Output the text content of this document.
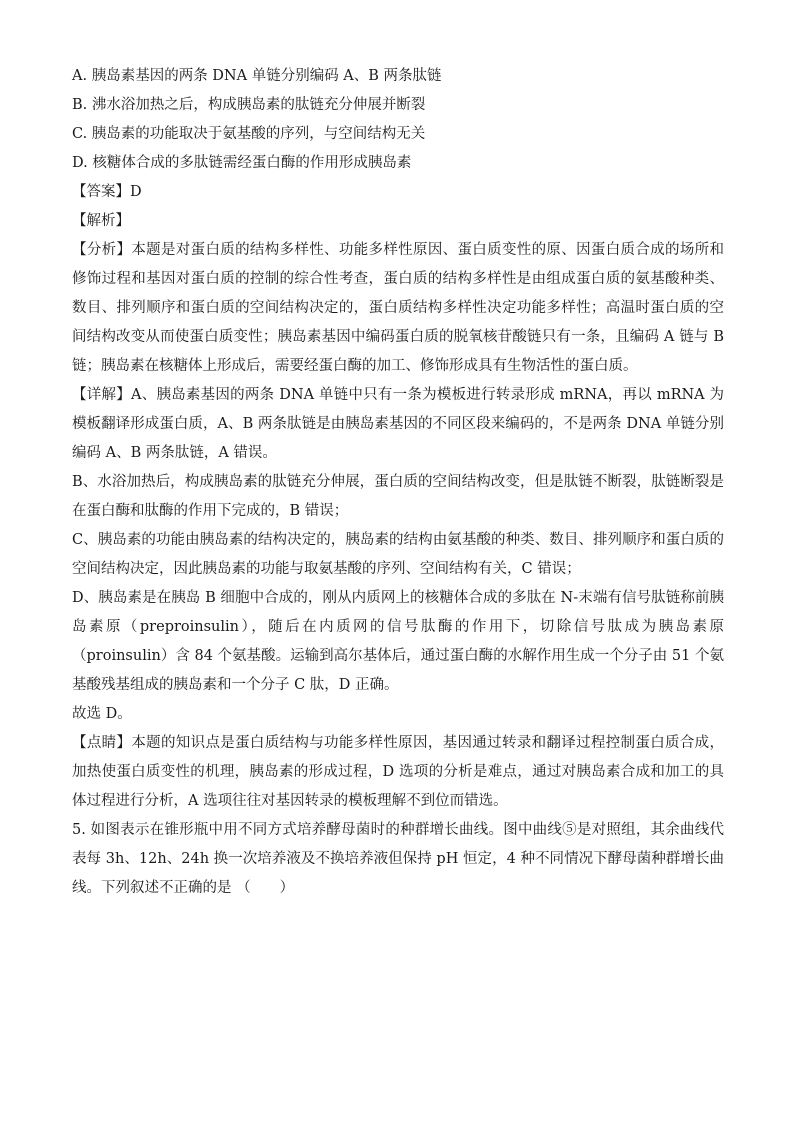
A. 胰岛素基因的两条 DNA 单链分别编码 A、B 两条肽链

B. 沸水浴加热之后，构成胰岛素的肽链充分伸展并断裂

C. 胰岛素的功能取决于氨基酸的序列，与空间结构无关

D. 核糖体合成的多肽链需经蛋白酶的作用形成胰岛素

【答案】D

【解析】

【分析】本题是对蛋白质的结构多样性、功能多样性原因、蛋白质变性的原、因蛋白质合成的场所和修饰过程和基因对蛋白质的控制的综合性考查，蛋白质的结构多样性是由组成蛋白质的氨基酸种类、数目、排列顺序和蛋白质的空间结构决定的，蛋白质结构多样性决定功能多样性；高温时蛋白质的空间结构改变从而使蛋白质变性；胰岛素基因中编码蛋白质的脱氧核苷酸链只有一条，且编码 A 链与 B 链；胰岛素在核糖体上形成后，需要经蛋白酶的加工、修饰形成具有生物活性的蛋白质。

【详解】A、胰岛素基因的两条 DNA 单链中只有一条为模板进行转录形成 mRNA，再以 mRNA 为模板翻译形成蛋白质，A、B 两条肽链是由胰岛素基因的不同区段来编码的，不是两条 DNA 单链分别编码 A、B 两条肽链，A 错误。

B、水浴加热后，构成胰岛素的肽链充分伸展，蛋白质的空间结构改变，但是肽链不断裂，肽链断裂是在蛋白酶和肽酶的作用下完成的，B 错误；

C、胰岛素的功能由胰岛素的结构决定的，胰岛素的结构由氨基酸的种类、数目、排列顺序和蛋白质的空间结构决定，因此胰岛素的功能与取氨基酸的序列、空间结构有关，C 错误；

D、胰岛素是在胰岛 B 细胞中合成的，刚从内质网上的核糖体合成的多肽在 N-末端有信号肽链称前胰岛素原（preproinsulin），随后在内质网的信号肽酶的作用下，切除信号肽成为胰岛素原（proinsulin）含 84 个氨基酸。运输到高尔基体后，通过蛋白酶的水解作用生成一个分子由 51 个氨基酸残基组成的胰岛素和一个分子 C 肽，D 正确。

故选 D。

【点睛】本题的知识点是蛋白质结构与功能多样性原因，基因通过转录和翻译过程控制蛋白质合成，加热使蛋白质变性的机理，胰岛素的形成过程，D 选项的分析是难点，通过对胰岛素合成和加工的具体过程进行分析，A 选项往往对基因转录的模板理解不到位而错选。

5. 如图表示在锥形瓶中用不同方式培养酵母菌时的种群增长曲线。图中曲线⑤是对照组，其余曲线代表每 3h、12h、24h 换一次培养液及不换培养液但保持 pH 恒定，4 种不同情况下酵母菌种群增长曲线。下列叙述不正确的是 （　　）
